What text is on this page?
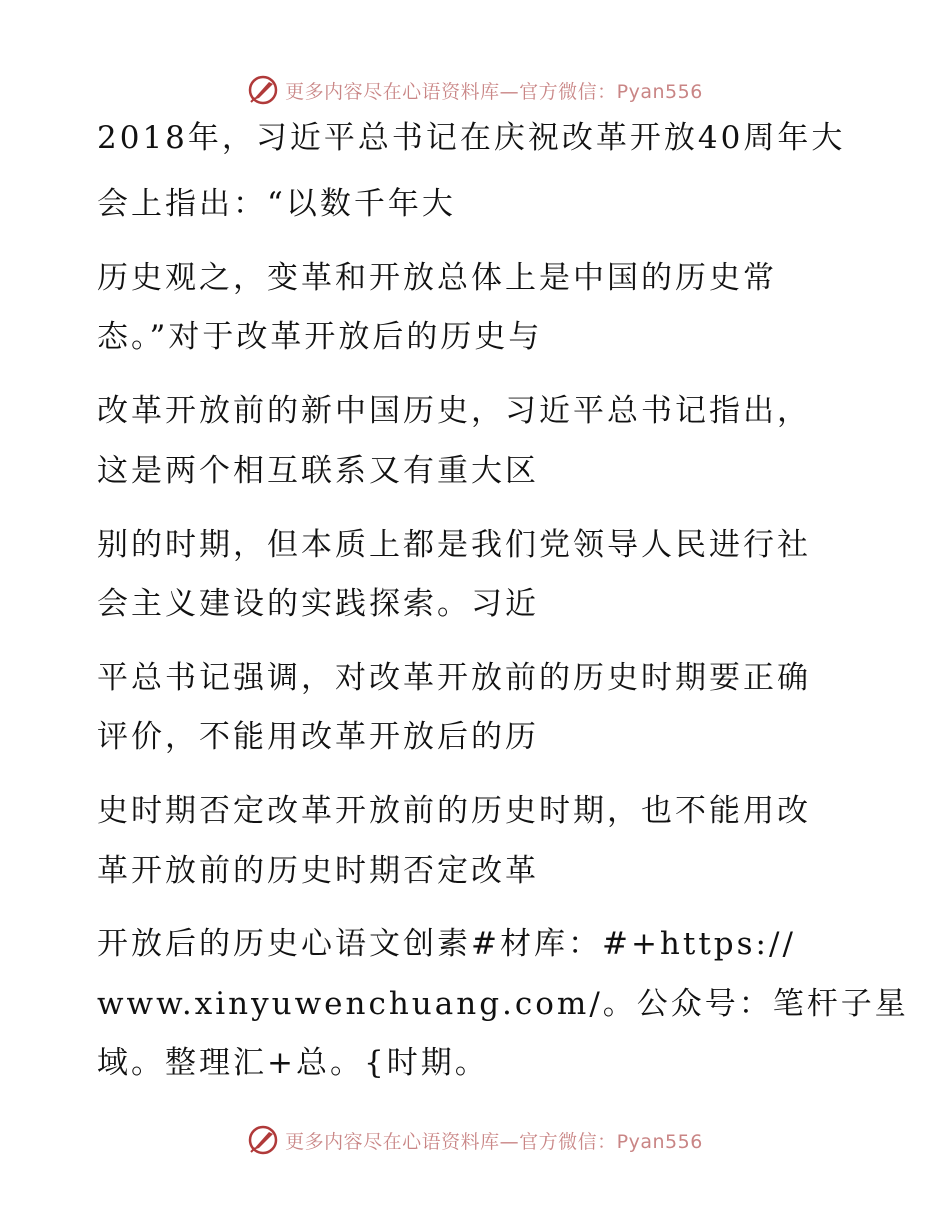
更多内容尽在心语资料库—官方微信：Pyan556
2018年，习近平总书记在庆祝改革开放40周年大
会上指出：“以数千年大
历史观之，变革和开放总体上是中国的历史常
态。”对于改革开放后的历史与
改革开放前的新中国历史，习近平总书记指出，
这是两个相互联系又有重大区
别的时期，但本质上都是我们党领导人民进行社
会主义建设的实践探索。习近
平总书记强调，对改革开放前的历史时期要正确
评价，不能用改革开放后的历
史时期否定改革开放前的历史时期，也不能用改
革开放前的历史时期否定改革
开放后的历史心语文创素#材库：#+https://
www.xinyuwenchuang.com/。公众号：笔杆子星
域。整理汇+总。{时期。
更多内容尽在心语资料库—官方微信：Pyan556
